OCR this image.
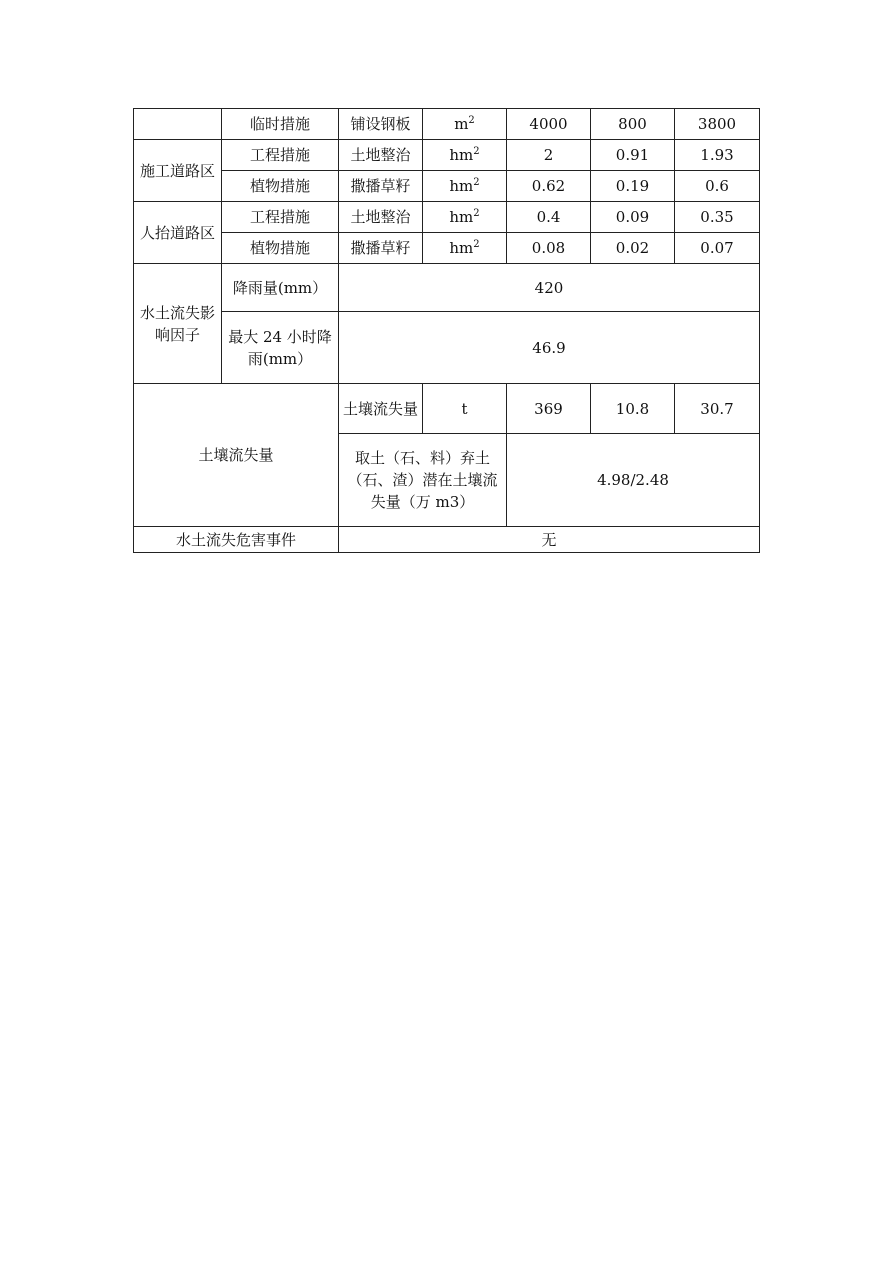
	临时措施	铺设钢板	$m^2$	4000	800	3800
施工道路区	工程措施	土地整治	$hm^2$	2	0.91	1.93
	植物措施	撒播草籽	$hm^2$	0.62	0.19	0.6
人抬道路区	工程措施	土地整治	$hm^2$	0.4	0.09	0.35
	植物措施	撒播草籽	$hm^2$	0.08	0.02	0.07
水土流失影响因子	降雨量(mm）	420				
	最大 24 小时降雨(mm）	46.9				
土壤流失量		土壤流失量	t	369	10.8	30.7
		取土（石、料）弃土（石、渣）潜在土壤流失量（万 m3）		4.98/2.48		
水土流失危害事件		无				
